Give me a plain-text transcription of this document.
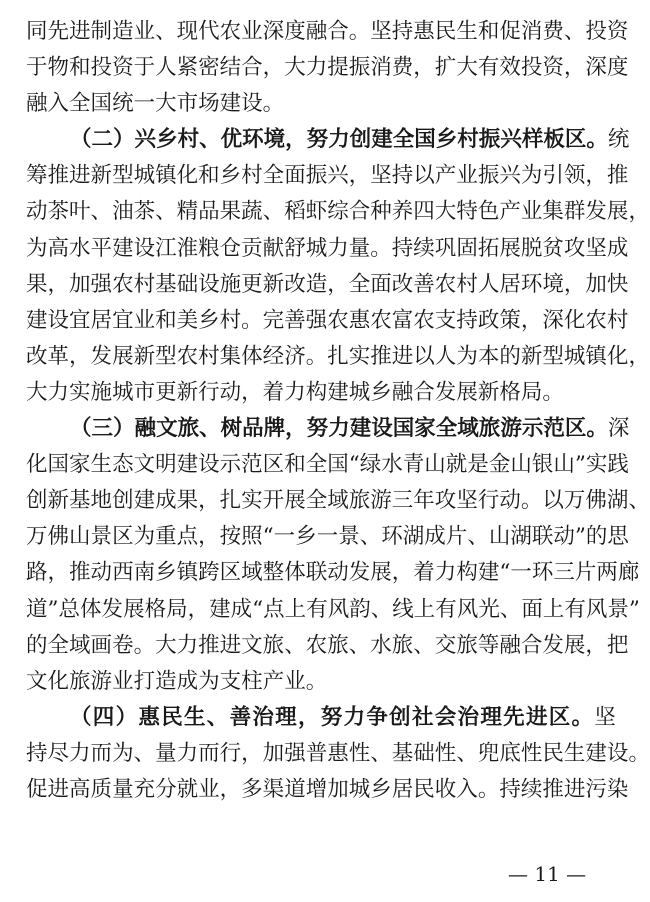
同 先 进 制 造 业 、 现 代 农 业 深 度 融 合 。 坚 持 惠 民 生 和 促 消 费 、 投 资
于 物 和 投 资 于 人 紧 密 结 合 ， 大 力 提 振 消 费 ， 扩 大 有 效 投 资 ， 深 度
融 入 全 国 统 一 大 市 场 建 设 。
（ 二 ） 兴 乡 村 、 优 环 境 ， 努 力 创 建 全 国 乡 村 振 兴 样 板 区 。 统
筹 推 进 新 型 城 镇 化 和 乡 村 全 面 振 兴 ， 坚 持 以 产 业 振 兴 为 引 领 ， 推
动 茶 叶 、 油 茶 、 精 品 果 蔬 、 稻 虾 综 合 种 养 四 大 特 色 产 业 集 群 发 展 ，
为 高 水 平 建 设 江 淮 粮 仓 贡 献 舒 城 力 量 。 持 续 巩 固 拓 展 脱 贫 攻 坚 成
果 ， 加 强 农 村 基 础 设 施 更 新 改 造 ， 全 面 改 善 农 村 人 居 环 境 ， 加 快
建 设 宜 居 宜 业 和 美 乡 村 。 完 善 强 农 惠 农 富 农 支 持 政 策 ， 深 化 农 村
改 革 ， 发 展 新 型 农 村 集 体 经 济 。 扎 实 推 进 以 人 为 本 的 新 型 城 镇 化 ，
大 力 实 施 城 市 更 新 行 动 ， 着 力 构 建 城 乡 融 合 发 展 新 格 局 。
（ 三 ） 融 文 旅 、 树 品 牌 ， 努 力 建 设 国 家 全 域 旅 游 示 范 区 。 深
化 国 家 生 态 文 明 建 设 示 范 区 和 全 国 “ 绿 水 青 山 就 是 金 山 银 山 ” 实 践
创 新 基 地 创 建 成 果 ， 扎 实 开 展 全 域 旅 游 三 年 攻 坚 行 动 。 以 万 佛 湖 、
万 佛 山 景 区 为 重 点 ， 按 照 “ 一 乡 一 景 、 环 湖 成 片 、 山 湖 联 动 ” 的 思
路 ， 推 动 西 南 乡 镇 跨 区 域 整 体 联 动 发 展 ， 着 力 构 建 “ 一 环 三 片 两 廊
道 ” 总 体 发 展 格 局 ， 建 成 “ 点 上 有 风 韵 、 线 上 有 风 光 、 面 上 有 风 景 ”
的 全 域 画 卷 。 大 力 推 进 文 旅 、 农 旅 、 水 旅 、 交 旅 等 融 合 发 展 ， 把
文 化 旅 游 业 打 造 成 为 支 柱 产 业 。
（ 四 ） 惠 民 生 、 善 治 理 ， 努 力 争 创 社 会 治 理 先 进 区 。 坚
持 尽 力 而 为 、 量 力 而 行 ， 加 强 普 惠 性 、 基 础 性 、 兜 底 性 民 生 建 设 。
促 进 高 质 量 充 分 就 业 ， 多 渠 道 增 加 城 乡 居 民 收 入 。 持 续 推 进 污 染
— 11 —
